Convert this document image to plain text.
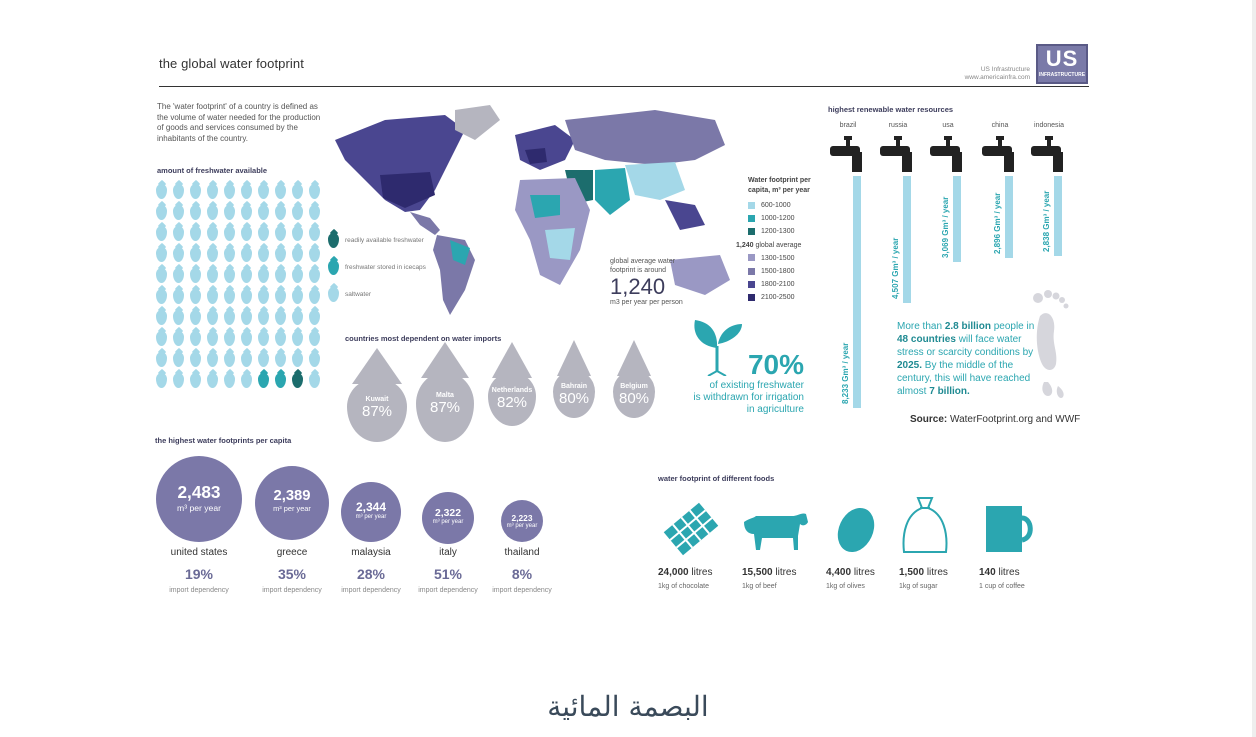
the global water footprint	US Infrastructure
www.americainfra.com
US
INFRASTRUCTURE
The 'water footprint' of a country is defined as the volume of water needed for the production of goods and services consumed by the inhabitants of the country.
amount of freshwater available
readily available freshwater
freshwater stored in icecaps
saltwater
Water footprint per
capita, m³ per year
600-1000
1000-1200
1200-1300
1,240 global average
1300-1500
1500-1800
1800-2100
2100-2500
global average water
footprint is around
1,240
m3 per year per person
countries most dependent on water imports
Kuwait
87%
Malta
87%
Netherlands
82%
Bahrain
80%
Belgium
80%
70%
of existing freshwater
is withdrawn for irrigation
in agriculture
highest renewable water resources
brazil
8,233 Gm³ / year
russia
4,507 Gm³ / year
usa
3,069 Gm³ / year
china
2,896 Gm³ / year
indonesia
2,838 Gm³ / year
More than 2.8 billion people in 48 countries will face water stress or scarcity conditions by 2025. By the middle of the century, this will have reached almost 7 billion.
Source: WaterFootprint.org and WWF
the highest water footprints per capita
2,483
m³ per year
united states
19%
import dependency
2,389
m³ per year
greece
35%
import dependency
2,344
m³ per year
malaysia
28%
import dependency
2,322
m³ per year
italy
51%
import dependency
2,223
m³ per year
thailand
8%
import dependency
water footprint of different foods
24,000 litres
1kg of chocolate
15,500 litres
1kg of beef
4,400 litres
1kg of olives
1,500 litres
1kg of sugar
140 litres
1 cup of coffee
البصمة المائية
